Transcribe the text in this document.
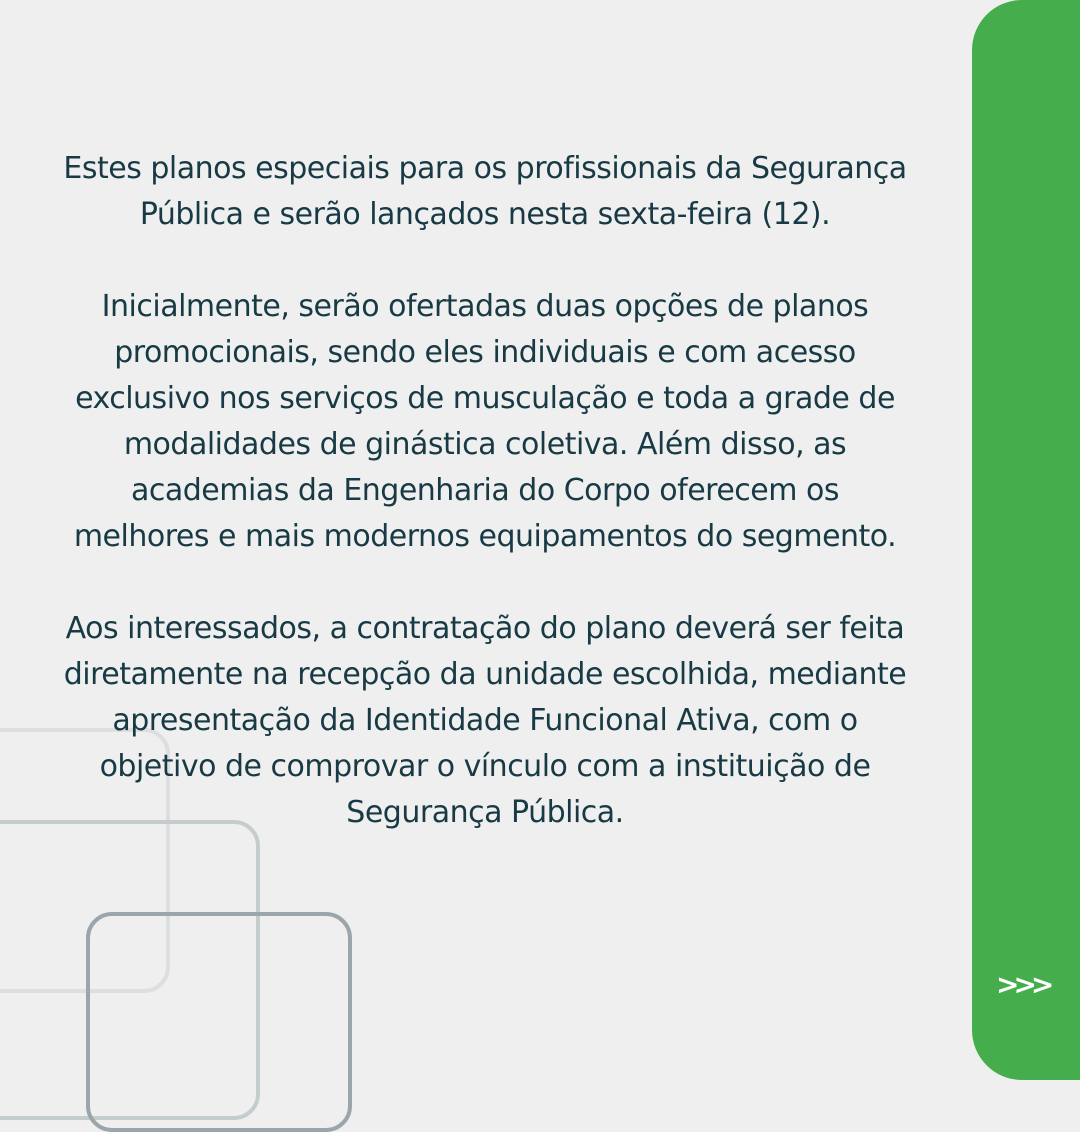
Estes planos especiais para os profissionais da Segurança Pública e serão lançados nesta sexta-feira (12).

Inicialmente, serão ofertadas duas opções de planos promocionais, sendo eles individuais e com acesso exclusivo nos serviços de musculação e toda a grade de modalidades de ginástica coletiva. Além disso, as academias da Engenharia do Corpo oferecem os melhores e mais modernos equipamentos do segmento.

Aos interessados, a contratação do plano deverá ser feita diretamente na recepção da unidade escolhida, mediante apresentação da Identidade Funcional Ativa, com o objetivo de comprovar o vínculo com a instituição de Segurança Pública.

>>>
